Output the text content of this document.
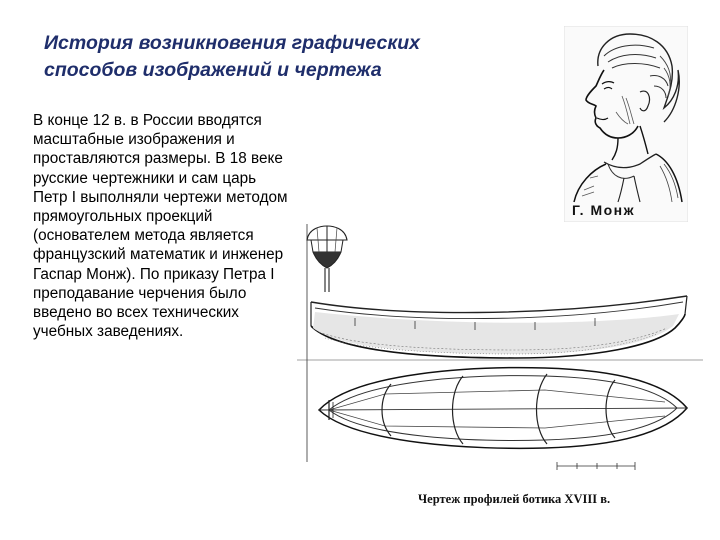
История возникновения графических
способов изображений и чертежа

В конце 12 в. в России вводятся масштабные изображения и проставляются размеры. В 18 веке русские чертежники и сам царь Петр I выполняли чертежи методом прямоугольных проекций (основателем метода является французский математик и инженер Гаспар Монж). По приказу Петра I преподавание черчения было введено во всех технических учебных заведениях.

Г. Монж
Чертеж профилей ботика XVIII в.
